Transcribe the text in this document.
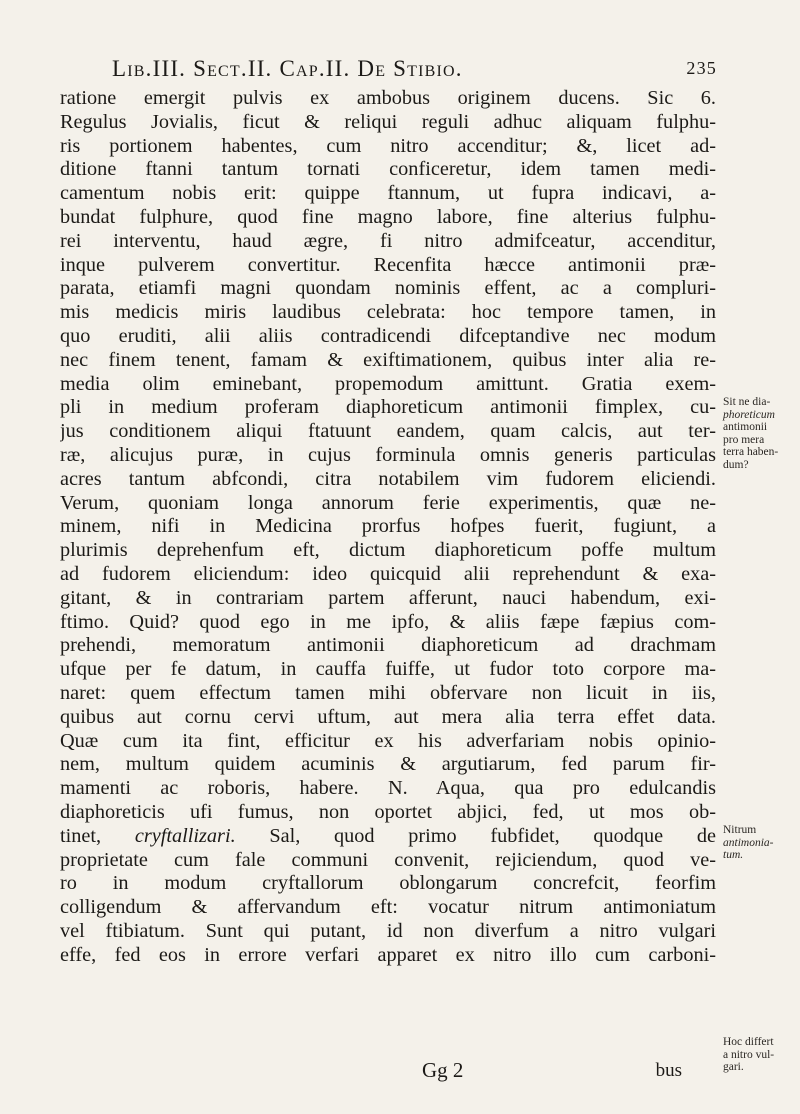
Lib.III. Sect.II. Cap.II. De Stibio.	235
ratione emergit pulvis ex ambobus originem ducens. Sic 6.
Regulus Jovialis, ficut & reliqui reguli adhuc aliquam fulphu-
ris portionem habentes, cum nitro accenditur; &, licet ad-
ditione ftanni tantum tornati conficeretur, idem tamen medi-
camentum nobis erit: quippe ftannum, ut fupra indicavi, a-
bundat fulphure, quod fine magno labore, fine alterius fulphu-
rei interventu, haud ægre, fi nitro admifceatur, accenditur,
inque pulverem convertitur. Recenfita hæcce antimonii præ-
parata, etiamfi magni quondam nominis effent, ac a compluri-
mis medicis miris laudibus celebrata: hoc tempore tamen, in
quo eruditi, alii aliis contradicendi difceptandive nec modum
nec finem tenent, famam & exiftimationem, quibus inter alia re-
media olim eminebant, propemodum amittunt. Gratia exem-
pli in medium proferam diaphoreticum antimonii fimplex, cu-
jus conditionem aliqui ftatuunt eandem, quam calcis, aut ter-
ræ, alicujus puræ, in cujus forminula omnis generis particulas
acres tantum abfcondi, citra notabilem vim fudorem eliciendi.
Verum, quoniam longa annorum ferie experimentis, quæ ne-
minem, nifi in Medicina prorfus hofpes fuerit, fugiunt, a
plurimis deprehenfum eft, dictum diaphoreticum poffe multum
ad fudorem eliciendum: ideo quicquid alii reprehendunt & exa-
gitant, & in contrariam partem afferunt, nauci habendum, exi-
ftimo. Quid? quod ego in me ipfo, & aliis fæpe fæpius com-
prehendi, memoratum antimonii diaphoreticum ad drachmam
ufque per fe datum, in cauffa fuiffe, ut fudor toto corpore ma-
naret: quem effectum tamen mihi obfervare non licuit in iis,
quibus aut cornu cervi uftum, aut mera alia terra effet data.
Quæ cum ita fint, efficitur ex his adverfariam nobis opinio-
nem, multum quidem acuminis & argutiarum, fed parum fir-
mamenti ac roboris, habere. N. Aqua, qua pro edulcandis
diaphoreticis ufi fumus, non oportet abjici, fed, ut mos ob-
tinet, cryftallizari. Sal, quod primo fubfidet, quodque de
proprietate cum fale communi convenit, rejiciendum, quod ve-
ro in modum cryftallorum oblongarum concrefcit, feorfim
colligendum & affervandum eft: vocatur nitrum antimoniatum
vel ftibiatum. Sunt qui putant, id non diverfum a nitro vulgari
effe, fed eos in errore verfari apparet ex nitro illo cum carboni-
Sit ne dia-
phoreticum
antimonii
pro mera
terra haben-
dum?
Nitrum
antimonia-
tum.
Hoc differt
a nitro vul-
gari.
Gg 2	bus
